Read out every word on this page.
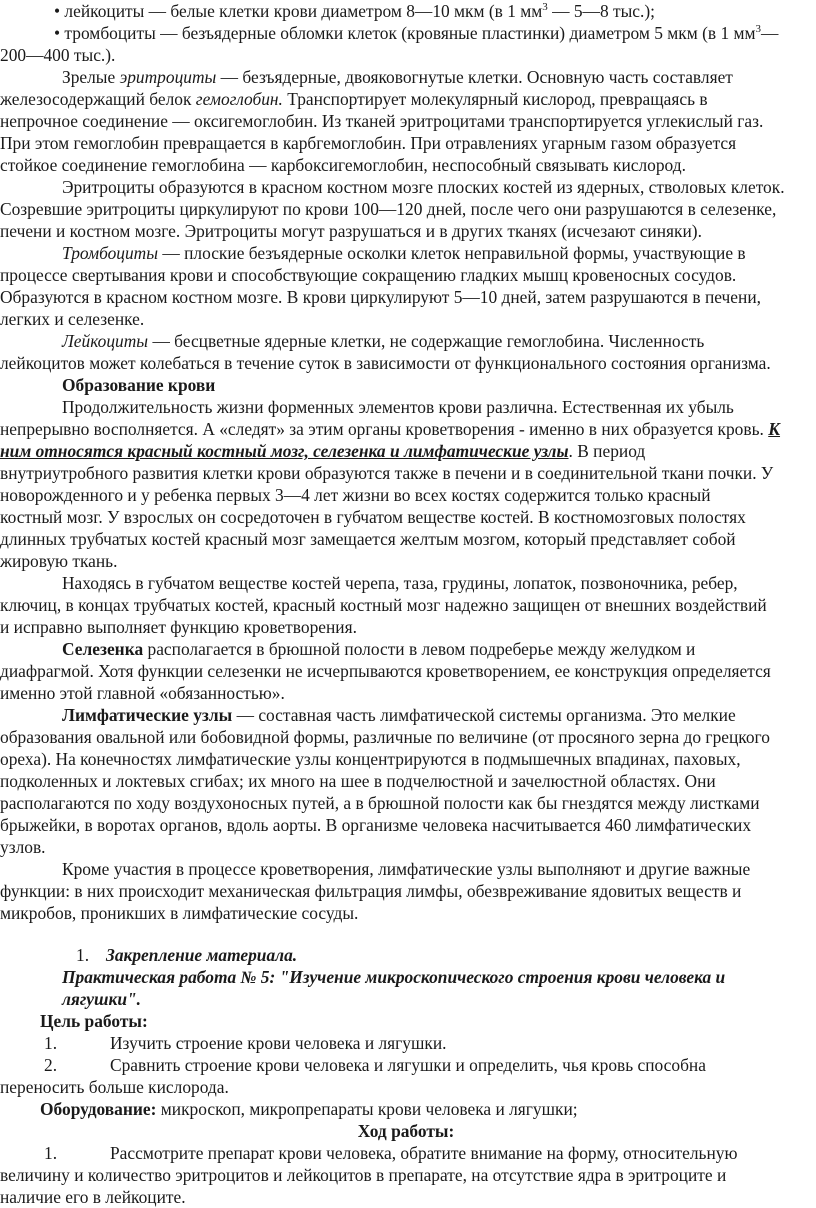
• лейкоциты — белые клетки крови диаметром 8—10 мкм (в 1 $мм^3$ — 5—8 тыс.);
• тромбоциты — безъядерные обломки клеток (кровяные пластинки) диаметром 5 мкм (в 1 $мм^3—$
200—400 тыс.).
Зрелые эритроциты — безъядерные, двояковогнутые клетки. Основную часть составляет
железосодержащий белок гемоглобин. Транспортирует молекулярный кислород, превращаясь в
непрочное соединение — оксигемоглобин. Из тканей эритроцитами транспортируется углекислый газ.
При этом гемоглобин превращается в карбгемоглобин. При отравлениях угарным газом образуется
стойкое соединение гемоглобина — карбоксигемоглобин, неспособный связывать кислород.
Эритроциты образуются в красном костном мозге плоских костей из ядерных, стволовых клеток.
Созревшие эритроциты циркулируют по крови 100—120 дней, после чего они разрушаются в селезенке,
печени и костном мозге. Эритроциты могут разрушаться и в других тканях (исчезают синяки).
Тромбоциты — плоские безъядерные осколки клеток неправильной формы, участвующие в
процессе свертывания крови и способствующие сокращению гладких мышц кровеносных сосудов.
Образуются в красном костном мозге. В крови циркулируют 5—10 дней, затем разрушаются в печени,
легких и селезенке.
Лейкоциты — бесцветные ядерные клетки, не содержащие гемоглобина. Численность
лейкоцитов может колебаться в течение суток в зависимости от функционального состояния организма.
Образование крови
Продолжительность жизни форменных элементов крови различна. Естественная их убыль
непрерывно восполняется. А «следят» за этим органы кроветворения - именно в них образуется кровь. К
ним относятся красный костный мозг, селезенка и лимфатические узлы. В период
внутриутробного развития клетки крови образуются также в печени и в соединительной ткани почки. У
новорожденного и у ребенка первых 3—4 лет жизни во всех костях содержится только красный
костный мозг. У взрослых он сосредоточен в губчатом веществе костей. В костномозговых полостях
длинных трубчатых костей красный мозг замещается желтым мозгом, который представляет собой
жировую ткань.
Находясь в губчатом веществе костей черепа, таза, грудины, лопаток, позвоночника, ребер,
ключиц, в концах трубчатых костей, красный костный мозг надежно защищен от внешних воздействий
и исправно выполняет функцию кроветворения.
Селезенка располагается в брюшной полости в левом подреберье между желудком и
диафрагмой. Хотя функции селезенки не исчерпываются кроветворением, ее конструкция определяется
именно этой главной «обязанностью».
Лимфатические узлы — составная часть лимфатической системы организма. Это мелкие
образования овальной или бобовидной формы, различные по величине (от просяного зерна до грецкого
ореха). На конечностях лимфатические узлы концентрируются в подмышечных впадинах, паховых,
подколенных и локтевых сгибах; их много на шее в подчелюстной и зачелюстной областях. Они
располагаются по ходу воздухоносных путей, а в брюшной полости как бы гнездятся между листками
брыжейки, в воротах органов, вдоль аорты. В организме человека насчитывается 460 лимфатических
узлов.
Кроме участия в процессе кроветворения, лимфатические узлы выполняют и другие важные
функции: в них происходит механическая фильтрация лимфы, обезвреживание ядовитых веществ и
микробов, проникших в лимфатические сосуды.
1. Закрепление материала.
Практическая работа № 5: "Изучение микроскопического строения крови человека и
лягушки".
Цель работы:
1.	Изучить строение крови человека и лягушки.
2.	Сравнить строение крови человека и лягушки и определить, чья кровь способна
переносить больше кислорода.
Оборудование: микроскоп, микропрепараты крови человека и лягушки;
Ход работы:
1.	Рассмотрите препарат крови человека, обратите внимание на форму, относительную
величину и количество эритроцитов и лейкоцитов в препарате, на отсутствие ядра в эритроците и
наличие его в лейкоците.
